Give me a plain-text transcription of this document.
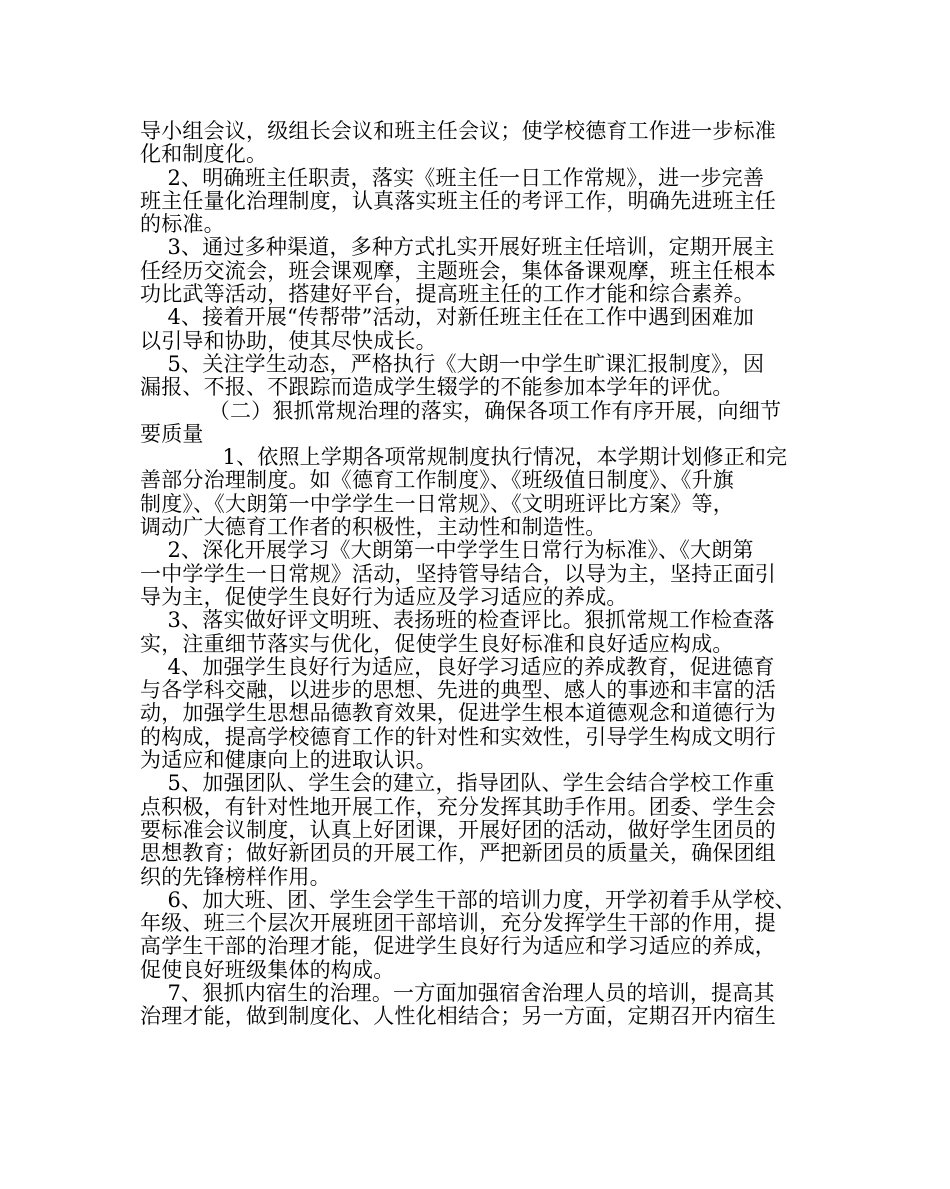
导小组会议，级组长会议和班主任会议；使学校德育工作进一步标准
化和制度化。
2、明确班主任职责，落实《班主任一日工作常规》，进一步完善
班主任量化治理制度，认真落实班主任的考评工作，明确先进班主任
的标准。
3、通过多种渠道，多种方式扎实开展好班主任培训，定期开展主
任经历交流会，班会课观摩，主题班会，集体备课观摩，班主任根本
功比武等活动，搭建好平台，提高班主任的工作才能和综合素养。
4、接着开展“传帮带”活动，对新任班主任在工作中遇到困难加
以引导和协助，使其尽快成长。
5、关注学生动态，严格执行《大朗一中学生旷课汇报制度》，因
漏报、不报、不跟踪而造成学生辍学的不能参加本学年的评优。
（二）狠抓常规治理的落实，确保各项工作有序开展，向细节
要质量
1、依照上学期各项常规制度执行情况，本学期计划修正和完
善部分治理制度。如《德育工作制度》、《班级值日制度》、《升旗
制度》、《大朗第一中学学生一日常规》、《文明班评比方案》等，
调动广大德育工作者的积极性，主动性和制造性。
2、深化开展学习《大朗第一中学学生日常行为标准》、《大朗第
一中学学生一日常规》活动，坚持管导结合，以导为主，坚持正面引
导为主，促使学生良好行为适应及学习适应的养成。
3、落实做好评文明班、表扬班的检查评比。狠抓常规工作检查落
实，注重细节落实与优化，促使学生良好标准和良好适应构成。
4、加强学生良好行为适应，良好学习适应的养成教育，促进德育
与各学科交融，以进步的思想、先进的典型、感人的事迹和丰富的活
动，加强学生思想品德教育效果，促进学生根本道德观念和道德行为
的构成，提高学校德育工作的针对性和实效性，引导学生构成文明行
为适应和健康向上的进取认识。
5、加强团队、学生会的建立，指导团队、学生会结合学校工作重
点积极，有针对性地开展工作，充分发挥其助手作用。团委、学生会
要标准会议制度，认真上好团课，开展好团的活动，做好学生团员的
思想教育；做好新团员的开展工作，严把新团员的质量关，确保团组
织的先锋榜样作用。
6、加大班、团、学生会学生干部的培训力度，开学初着手从学校、
年级、班三个层次开展班团干部培训，充分发挥学生干部的作用，提
高学生干部的治理才能，促进学生良好行为适应和学习适应的养成，
促使良好班级集体的构成。
7、狠抓内宿生的治理。一方面加强宿舍治理人员的培训，提高其
治理才能，做到制度化、人性化相结合；另一方面，定期召开内宿生
